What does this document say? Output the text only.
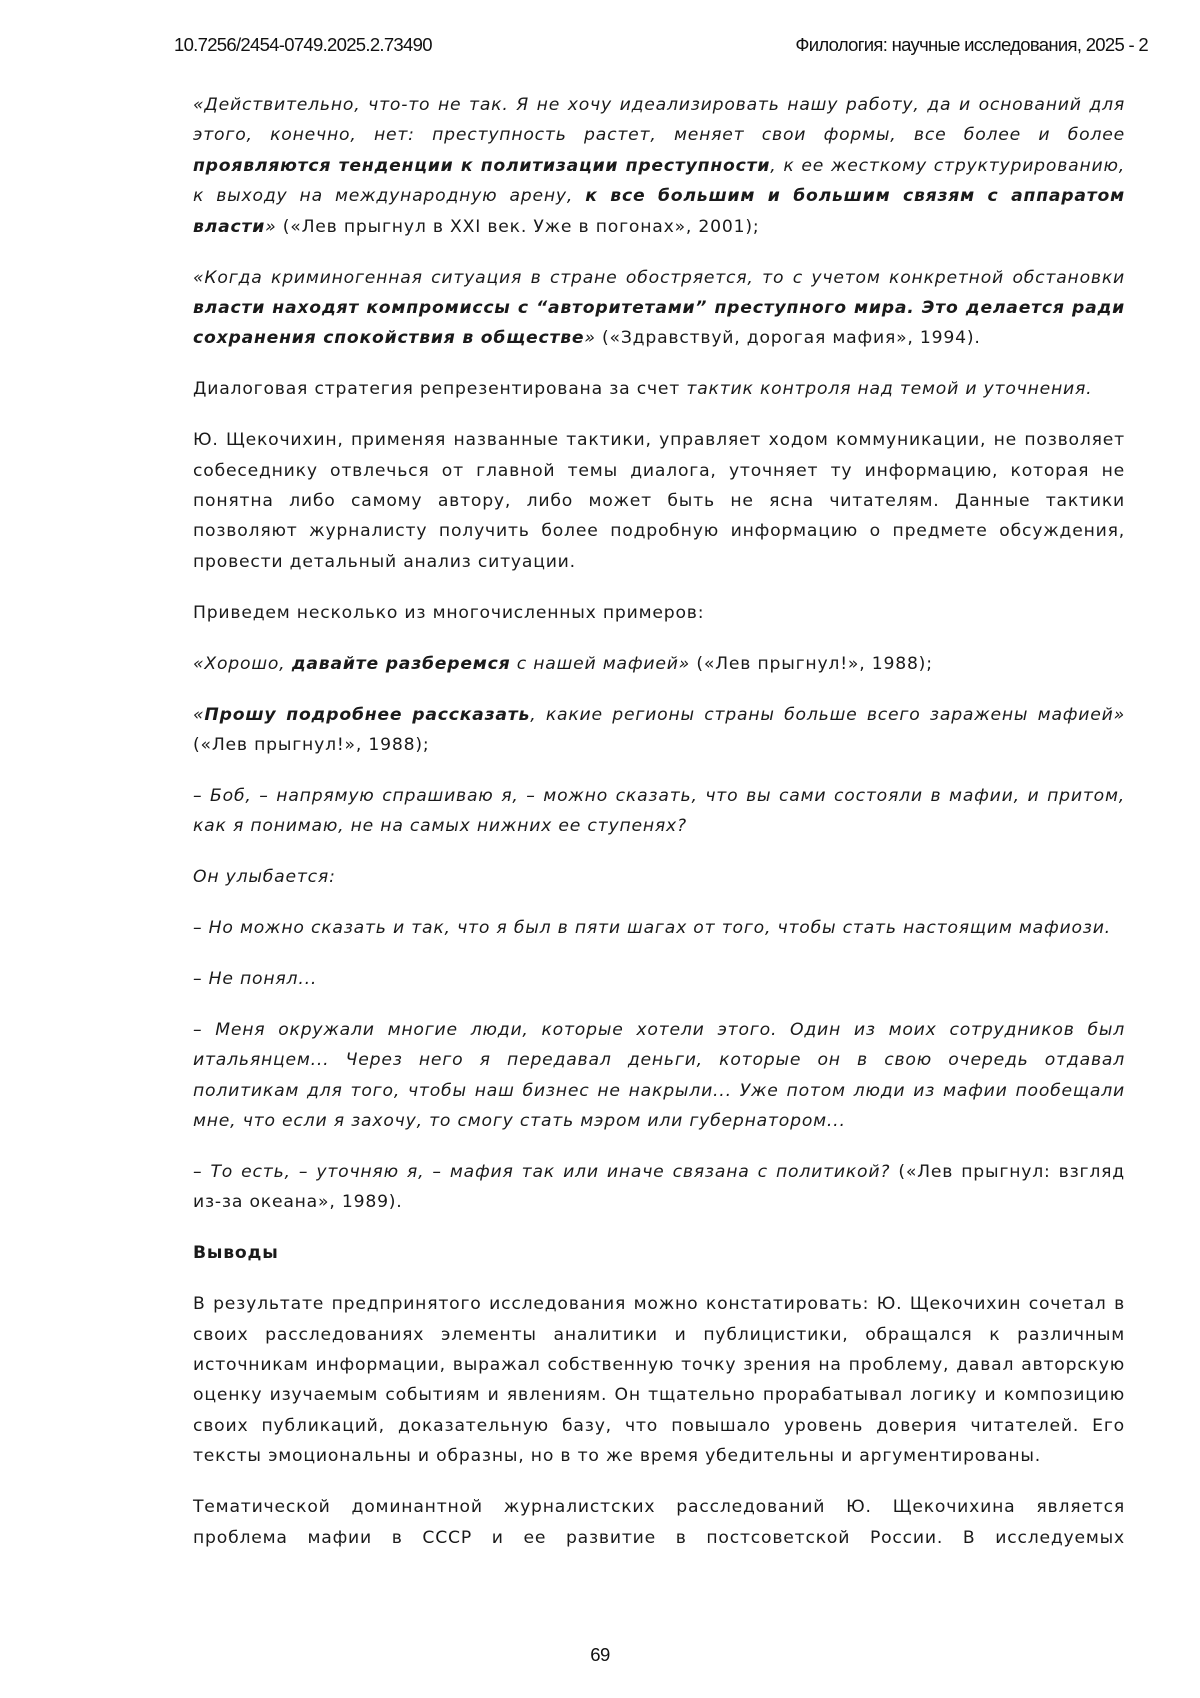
10.7256/2454-0749.2025.2.73490	Филология: научные исследования, 2025 - 2

«Действительно, что-то не так. Я не хочу идеализировать нашу работу, да и оснований для этого, конечно, нет: преступность растет, меняет свои формы, все более и более проявляются тенденции к политизации преступности, к ее жесткому структурированию, к выходу на международную арену, к все большим и большим связям с аппаратом власти» («Лев прыгнул в XXI век. Уже в погонах», 2001);

«Когда криминогенная ситуация в стране обостряется, то с учетом конкретной обстановки власти находят компромиссы с “авторитетами” преступного мира. Это делается ради сохранения спокойствия в обществе» («Здравствуй, дорогая мафия», 1994).

Диалоговая стратегия репрезентирована за счет тактик контроля над темой и уточнения.

Ю. Щекочихин, применяя названные тактики, управляет ходом коммуникации, не позволяет собеседнику отвлечься от главной темы диалога, уточняет ту информацию, которая не понятна либо самому автору, либо может быть не ясна читателям. Данные тактики позволяют журналисту получить более подробную информацию о предмете обсуждения, провести детальный анализ ситуации.

Приведем несколько из многочисленных примеров:

«Хорошо, давайте разберемся с нашей мафией» («Лев прыгнул!», 1988);

«Прошу подробнее рассказать, какие регионы страны больше всего заражены мафией» («Лев прыгнул!», 1988);

– Боб, – напрямую спрашиваю я, – можно сказать, что вы сами состояли в мафии, и притом, как я понимаю, не на самых нижних ее ступенях?

Он улыбается:

– Но можно сказать и так, что я был в пяти шагах от того, чтобы стать настоящим мафиози.

– Не понял...

– Меня окружали многие люди, которые хотели этого. Один из моих сотрудников был итальянцем... Через него я передавал деньги, которые он в свою очередь отдавал политикам для того, чтобы наш бизнес не накрыли... Уже потом люди из мафии пообещали мне, что если я захочу, то смогу стать мэром или губернатором...

– То есть, – уточняю я, – мафия так или иначе связана с политикой? («Лев прыгнул: взгляд из-за океана», 1989).

Выводы

В результате предпринятого исследования можно констатировать: Ю. Щекочихин сочетал в своих расследованиях элементы аналитики и публицистики, обращался к различным источникам информации, выражал собственную точку зрения на проблему, давал авторскую оценку изучаемым событиям и явлениям. Он тщательно прорабатывал логику и композицию своих публикаций, доказательную базу, что повышало уровень доверия читателей. Его тексты эмоциональны и образны, но в то же время убедительны и аргументированы.

Тематической доминантной журналистских расследований Ю. Щекочихина является проблема мафии в СССР и ее развитие в постсоветской России. В исследуемых

69
